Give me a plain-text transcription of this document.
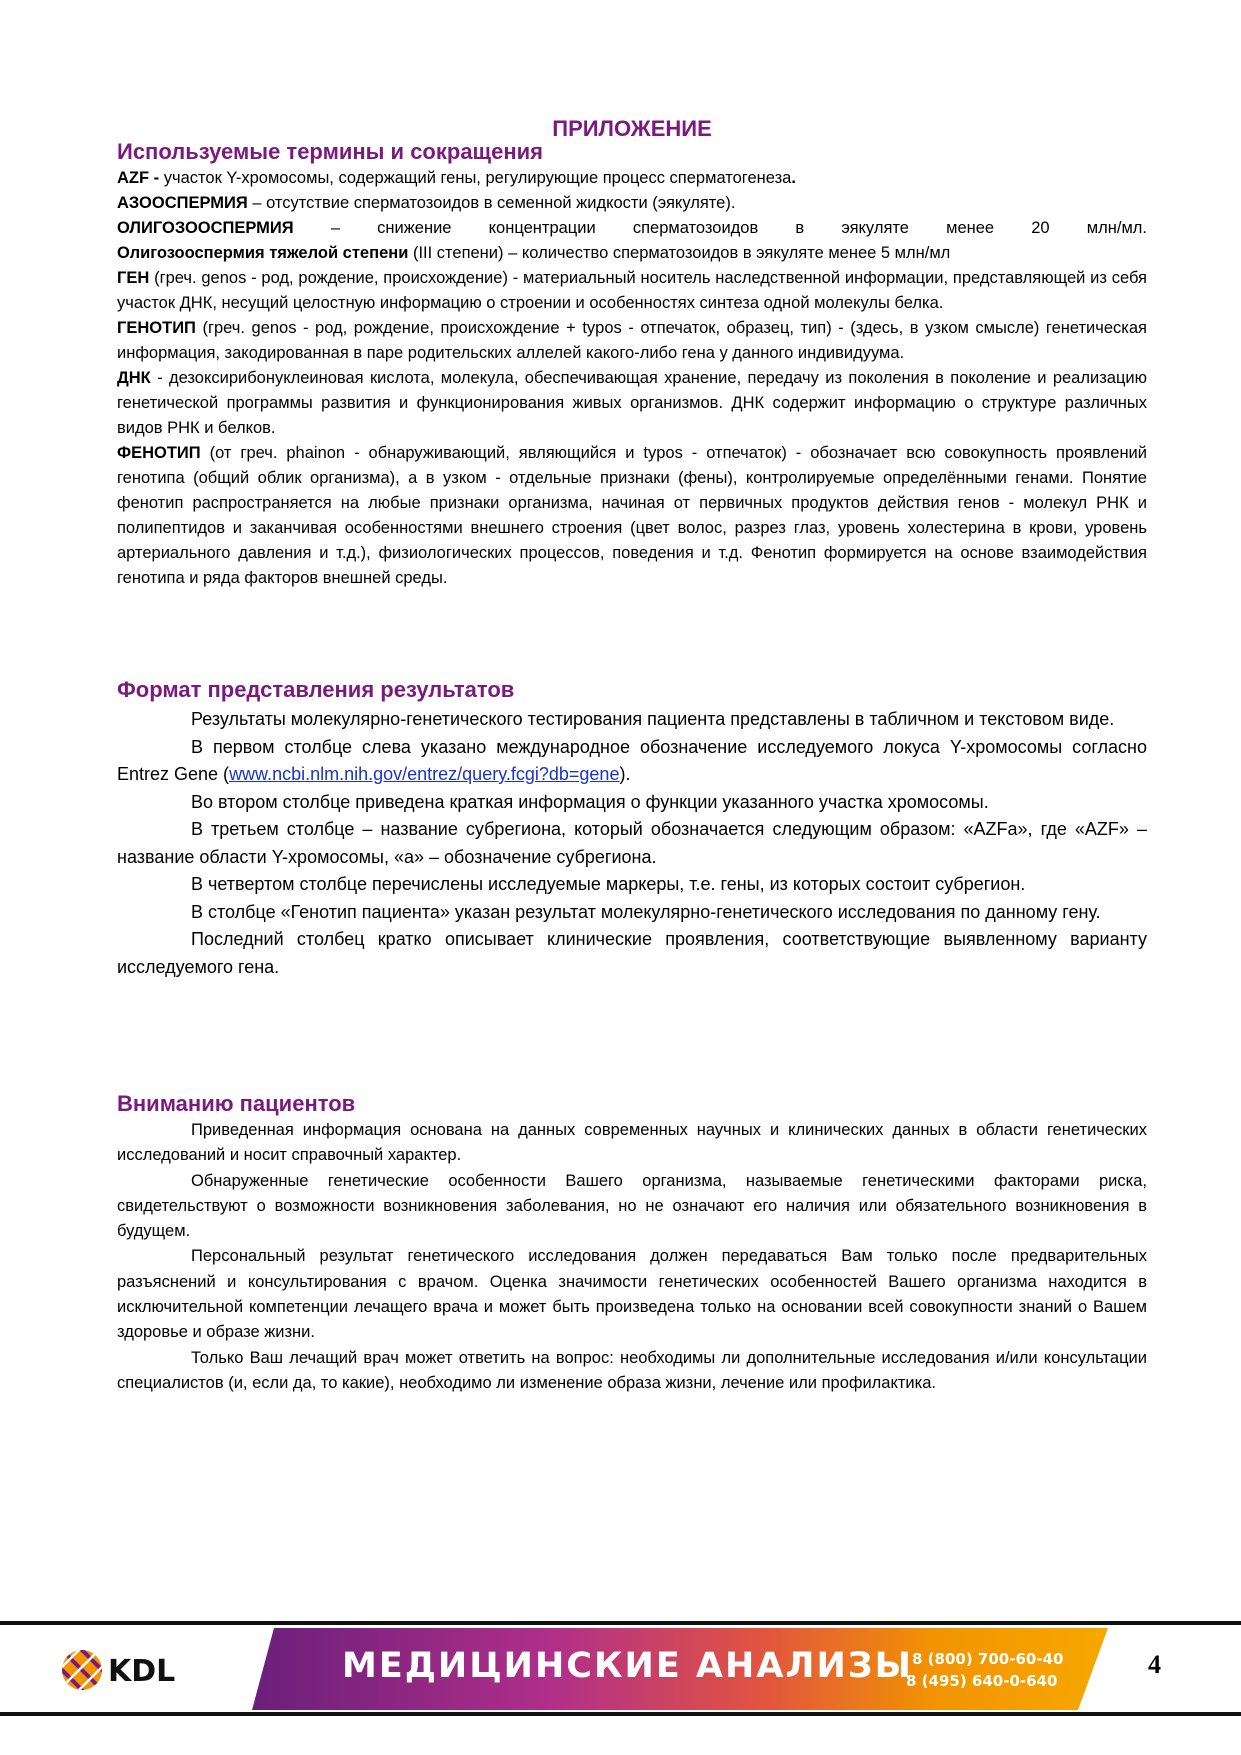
ПРИЛОЖЕНИЕ
Используемые термины и сокращения

AZF - участок Y-хромосомы, содержащий гены, регулирующие процесс сперматогенеза.

АЗООСПЕРМИЯ – отсутствие сперматозоидов в семенной жидкости (эякуляте).

ОЛИГОЗООСПЕРМИЯ – снижение концентрации сперматозоидов в эякуляте менее 20 млн/мл.

Олигозооспермия тяжелой степени (III степени) – количество сперматозоидов в эякуляте менее 5 млн/мл

ГЕН (греч. genos - род, рождение, происхождение) - материальный носитель наследственной информации, представляющей из себя участок ДНК, несущий целостную информацию о строении и особенностях синтеза одной молекулы белка.

ГЕНОТИП (греч. genos - род, рождение, происхождение + typos - отпечаток, образец, тип) - (здесь, в узком смысле) генетическая информация, закодированная в паре родительских аллелей какого-либо гена у данного индивидуума.

ДНК - дезоксирибонуклеиновая кислота, молекула, обеспечивающая хранение, передачу из поколения в поколение и реализацию генетической программы развития и функционирования живых организмов. ДНК содержит информацию о структуре различных видов РНК и белков.

ФЕНОТИП (от греч. phainon - обнаруживающий, являющийся и typos - отпечаток) - обозначает всю совокупность проявлений генотипа (общий облик организма), а в узком - отдельные признаки (фены), контролируемые определёнными генами. Понятие фенотип распространяется на любые признаки организма, начиная от первичных продуктов действия генов - молекул РНК и полипептидов и заканчивая особенностями внешнего строения (цвет волос, разрез глаз, уровень холестерина в крови, уровень артериального давления и т.д.), физиологических процессов, поведения и т.д. Фенотип формируется на основе взаимодействия генотипа и ряда факторов внешней среды.

Формат представления результатов

Результаты молекулярно-генетического тестирования пациента представлены в табличном и текстовом виде.

В первом столбце слева указано международное обозначение исследуемого локуса Y-хромосомы согласно Entrez Gene (www.ncbi.nlm.nih.gov/entrez/query.fcgi?db=gene).

Во втором столбце приведена краткая информация о функции указанного участка хромосомы.

В третьем столбце – название субрегиона, который обозначается следующим образом: «AZFa», где «AZF» – название области Y-хромосомы, «а» – обозначение субрегиона.

В четвертом столбце перечислены исследуемые маркеры, т.е. гены, из которых состоит субрегион.

В столбце «Генотип пациента» указан результат молекулярно-генетического исследования по данному гену.

Последний столбец кратко описывает клинические проявления, соответствующие выявленному варианту исследуемого гена.

Вниманию пациентов

Приведенная информация основана на данных современных научных и клинических данных в области генетических исследований и носит справочный характер.

Обнаруженные генетические особенности Вашего организма, называемые генетическими факторами риска, свидетельствуют о возможности возникновения заболевания, но не означают его наличия или обязательного возникновения в будущем.

Персональный результат генетического исследования должен передаваться Вам только после предварительных разъяснений и консультирования с врачом. Оценка значимости генетических особенностей Вашего организма находится в исключительной компетенции лечащего врача и может быть произведена только на основании всей совокупности знаний о Вашем здоровье и образе жизни.

Только Ваш лечащий врач может ответить на вопрос: необходимы ли дополнительные исследования и/или консультации специалистов (и, если да, то какие), необходимо ли изменение образа жизни, лечение или профилактика.

KDL	МЕДИЦИНСКИЕ АНАЛИЗЫ 8 (800) 700-60-40
8 (495) 640-0-640
4
